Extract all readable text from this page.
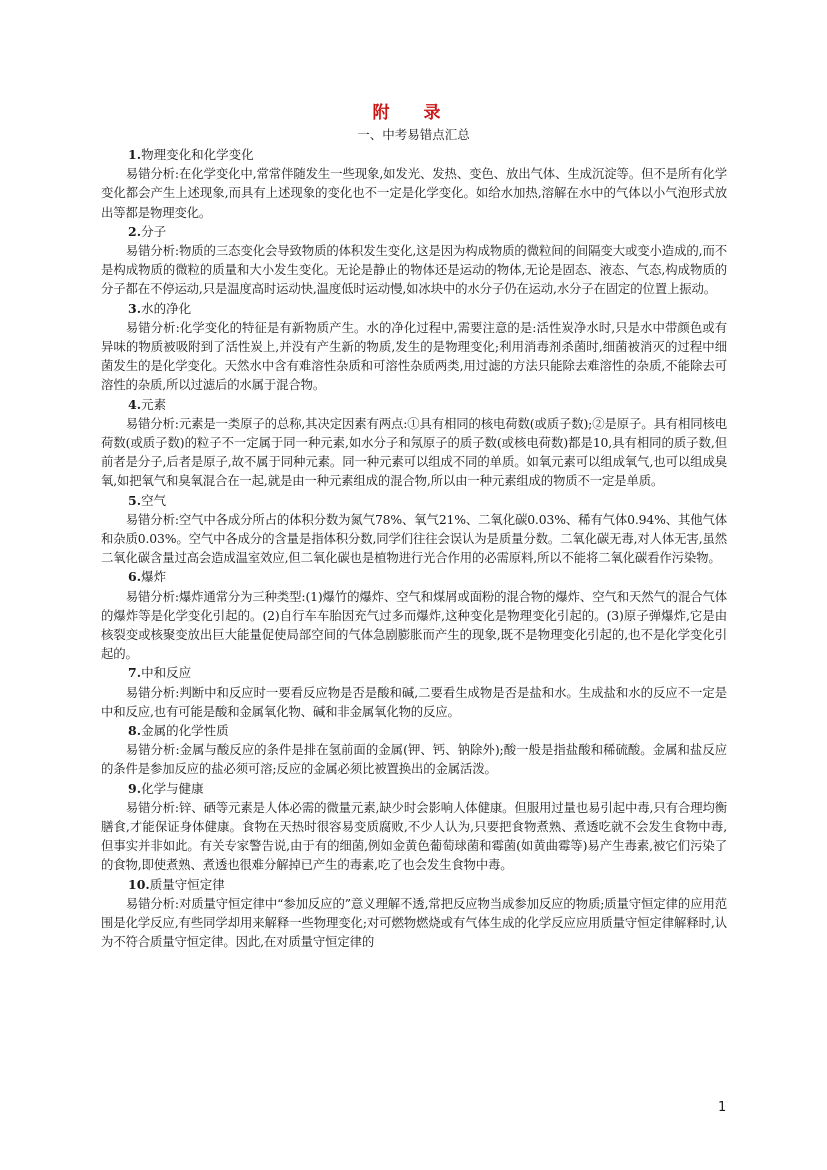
附 录
一、中考易错点汇总
1.物理变化和化学变化
易错分析:在化学变化中,常常伴随发生一些现象,如发光、发热、变色、放出气体、生成沉淀等。但不是所有化学变化都会产生上述现象,而具有上述现象的变化也不一定是化学变化。如给水加热,溶解在水中的气体以小气泡形式放出等都是物理变化。
2.分子
易错分析:物质的三态变化会导致物质的体积发生变化,这是因为构成物质的微粒间的间隔变大或变小造成的,而不是构成物质的微粒的质量和大小发生变化。无论是静止的物体还是运动的物体,无论是固态、液态、气态,构成物质的分子都在不停运动,只是温度高时运动快,温度低时运动慢,如冰块中的水分子仍在运动,水分子在固定的位置上振动。
3.水的净化
易错分析:化学变化的特征是有新物质产生。水的净化过程中,需要注意的是:活性炭净水时,只是水中带颜色或有异味的物质被吸附到了活性炭上,并没有产生新的物质,发生的是物理变化;利用消毒剂杀菌时,细菌被消灭的过程中细菌发生的是化学变化。天然水中含有难溶性杂质和可溶性杂质两类,用过滤的方法只能除去难溶性的杂质,不能除去可溶性的杂质,所以过滤后的水属于混合物。
4.元素
易错分析:元素是一类原子的总称,其决定因素有两点:①具有相同的核电荷数(或质子数);②是原子。具有相同核电荷数(或质子数)的粒子不一定属于同一种元素,如水分子和氖原子的质子数(或核电荷数)都是10,具有相同的质子数,但前者是分子,后者是原子,故不属于同种元素。同一种元素可以组成不同的单质。如氧元素可以组成氧气,也可以组成臭氧,如把氧气和臭氧混合在一起,就是由一种元素组成的混合物,所以由一种元素组成的物质不一定是单质。
5.空气
易错分析:空气中各成分所占的体积分数为氮气78%、氧气21%、二氧化碳0.03%、稀有气体0.94%、其他气体和杂质0.03%。空气中各成分的含量是指体积分数,同学们往往会误认为是质量分数。二氧化碳无毒,对人体无害,虽然二氧化碳含量过高会造成温室效应,但二氧化碳也是植物进行光合作用的必需原料,所以不能将二氧化碳看作污染物。
6.爆炸
易错分析:爆炸通常分为三种类型:(1)爆竹的爆炸、空气和煤屑或面粉的混合物的爆炸、空气和天然气的混合气体的爆炸等是化学变化引起的。(2)自行车车胎因充气过多而爆炸,这种变化是物理变化引起的。(3)原子弹爆炸,它是由核裂变或核聚变放出巨大能量促使局部空间的气体急剧膨胀而产生的现象,既不是物理变化引起的,也不是化学变化引起的。
7.中和反应
易错分析:判断中和反应时一要看反应物是否是酸和碱,二要看生成物是否是盐和水。生成盐和水的反应不一定是中和反应,也有可能是酸和金属氧化物、碱和非金属氧化物的反应。
8.金属的化学性质
易错分析:金属与酸反应的条件是排在氢前面的金属(钾、钙、钠除外);酸一般是指盐酸和稀硫酸。金属和盐反应的条件是参加反应的盐必须可溶;反应的金属必须比被置换出的金属活泼。
9.化学与健康
易错分析:锌、硒等元素是人体必需的微量元素,缺少时会影响人体健康。但服用过量也易引起中毒,只有合理均衡膳食,才能保证身体健康。食物在天热时很容易变质腐败,不少人认为,只要把食物煮熟、煮透吃就不会发生食物中毒,但事实并非如此。有关专家警告说,由于有的细菌,例如金黄色葡萄球菌和霉菌(如黄曲霉等)易产生毒素,被它们污染了的食物,即使煮熟、煮透也很难分解掉已产生的毒素,吃了也会发生食物中毒。
10.质量守恒定律
易错分析:对质量守恒定律中“参加反应的”意义理解不透,常把反应物当成参加反应的物质;质量守恒定律的应用范围是化学反应,有些同学却用来解释一些物理变化;对可燃物燃烧或有气体生成的化学反应应用质量守恒定律解释时,认为不符合质量守恒定律。因此,在对质量守恒定律的
1
